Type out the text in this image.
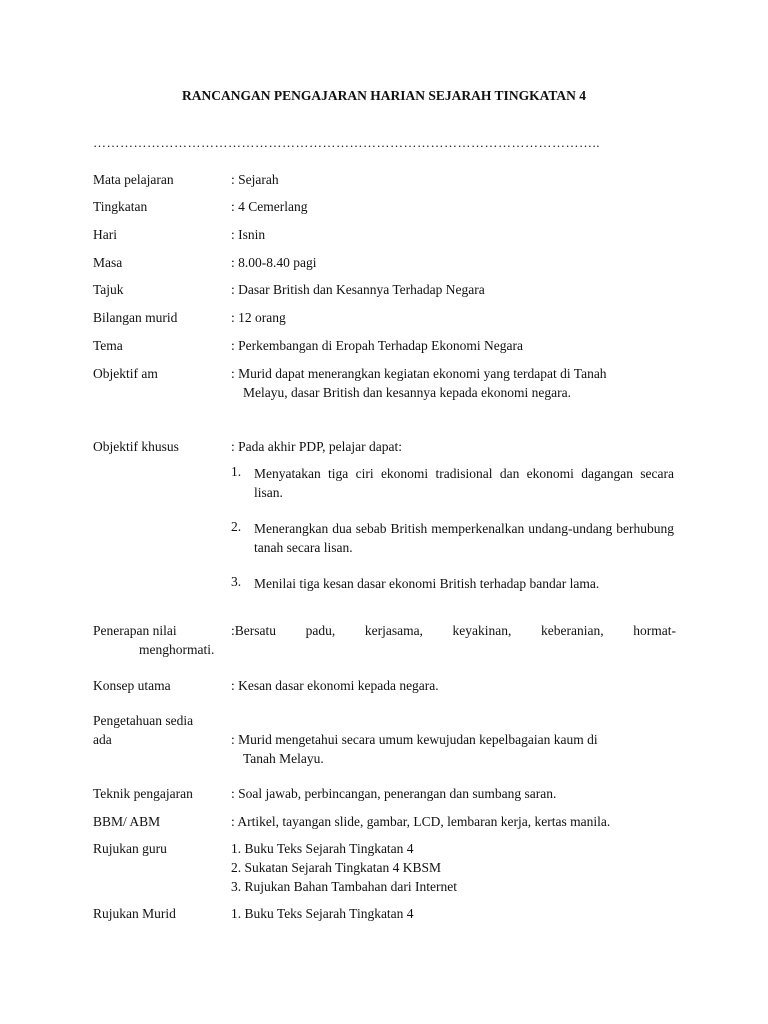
RANCANGAN PENGAJARAN HARIAN SEJARAH TINGKATAN 4
…………………………………………………………………………………………………..
Mata pelajaran	: Sejarah
Tingkatan	: 4 Cemerlang
Hari	: Isnin
Masa	: 8.00-8.40 pagi
Tajuk	: Dasar British dan Kesannya Terhadap Negara
Bilangan murid	: 12 orang
Tema	: Perkembangan di Eropah Terhadap Ekonomi Negara
Objektif am	: Murid dapat menerangkan kegiatan ekonomi yang terdapat di Tanah
Melayu, dasar British dan kesannya kepada ekonomi negara.
Objektif khusus	: Pada akhir PDP, pelajar dapat:
1. Menyatakan tiga ciri ekonomi tradisional dan ekonomi dagangan secara lisan.
2. Menerangkan dua sebab British memperkenalkan undang-undang berhubung tanah secara lisan.
3. Menilai tiga kesan dasar ekonomi British terhadap bandar lama.
Penerapan nilai	:Bersatu padu, kerjasama, keyakinan, keberanian, hormat-
menghormati.
Konsep utama	: Kesan dasar ekonomi kepada negara.
Pengetahuan sedia
ada	: Murid mengetahui secara umum kewujudan kepelbagaian kaum di
Tanah Melayu.
Teknik pengajaran	: Soal jawab, perbincangan, penerangan dan sumbang saran.
BBM/ ABM	: Artikel, tayangan slide, gambar, LCD, lembaran kerja, kertas manila.
Rujukan guru	1. Buku Teks Sejarah Tingkatan 4
2. Sukatan Sejarah Tingkatan 4 KBSM
3. Rujukan Bahan Tambahan dari Internet
Rujukan Murid	1. Buku Teks Sejarah Tingkatan 4
